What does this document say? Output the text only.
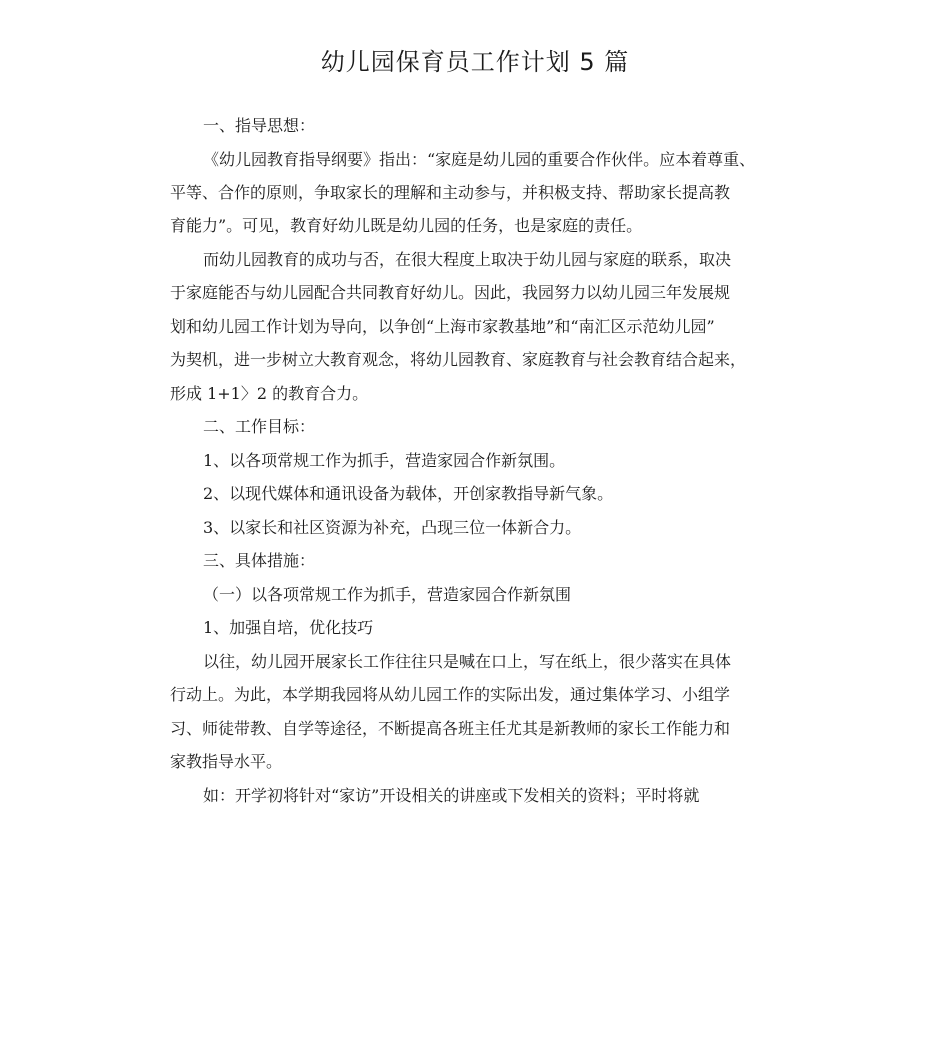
幼儿园保育员工作计划 5 篇
一、指导思想：
《幼儿园教育指导纲要》指出：“家庭是幼儿园的重要合作伙伴。应本着尊重、
平等、合作的原则，争取家长的理解和主动参与，并积极支持、帮助家长提高教
育能力”。可见，教育好幼儿既是幼儿园的任务，也是家庭的责任。
而幼儿园教育的成功与否，在很大程度上取决于幼儿园与家庭的联系，取决
于家庭能否与幼儿园配合共同教育好幼儿。因此，我园努力以幼儿园三年发展规
划和幼儿园工作计划为导向，以争创“上海市家教基地”和“南汇区示范幼儿园”
为契机，进一步树立大教育观念，将幼儿园教育、家庭教育与社会教育结合起来，
形成 1+1〉2 的教育合力。
二、工作目标：
1、以各项常规工作为抓手，营造家园合作新氛围。
2、以现代媒体和通讯设备为载体，开创家教指导新气象。
3、以家长和社区资源为补充，凸现三位一体新合力。
三、具体措施：
（一）以各项常规工作为抓手，营造家园合作新氛围
1、加强自培，优化技巧
以往，幼儿园开展家长工作往往只是喊在口上，写在纸上，很少落实在具体
行动上。为此，本学期我园将从幼儿园工作的实际出发，通过集体学习、小组学
习、师徒带教、自学等途径，不断提高各班主任尤其是新教师的家长工作能力和
家教指导水平。
如：开学初将针对“家访”开设相关的讲座或下发相关的资料；平时将就
